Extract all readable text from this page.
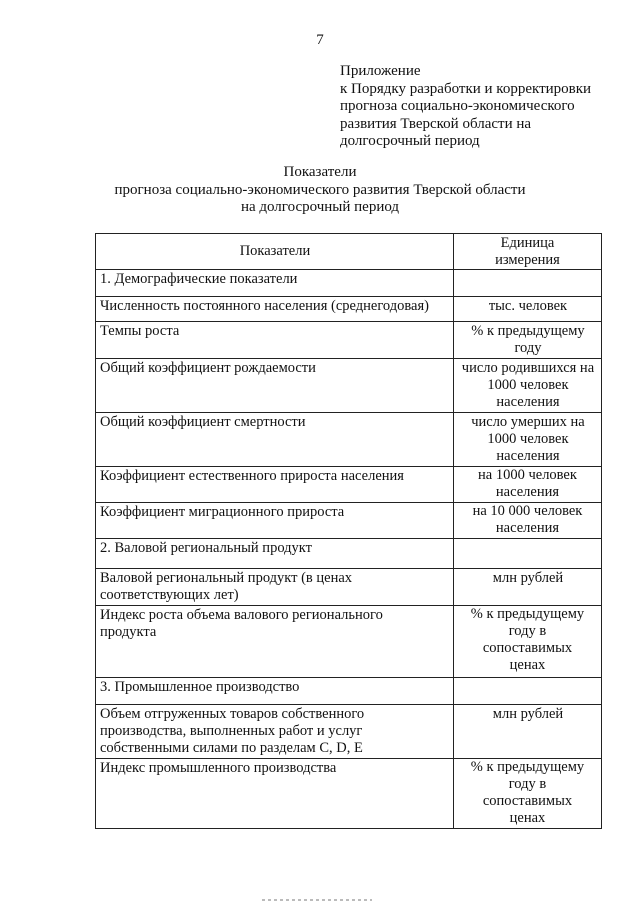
7
Приложение
к Порядку разработки и корректировки
прогноза социально-экономического
развития Тверской области на
долгосрочный период
Показатели
прогноза социально-экономического развития Тверской области
на долгосрочный период
Показатели	Единица измерения
1. Демографические показатели	
Численность постоянного населения (среднегодовая)	тыс. человек
Темпы роста	% к предыдущему году
Общий коэффициент рождаемости	число родившихся на 1000 человек населения
Общий коэффициент смертности	число умерших на 1000 человек населения
Коэффициент естественного прироста населения	на 1000 человек населения
Коэффициент миграционного прироста	на 10 000 человек населения
2. Валовой региональный продукт	
Валовой региональный продукт (в ценах соответствующих лет)	млн рублей
Индекс роста объема валового регионального продукта	% к предыдущему году в сопоставимых ценах
3. Промышленное производство	
Объем отгруженных товаров собственного производства, выполненных работ и услуг собственными силами по разделам C, D, E	млн рублей
Индекс промышленного производства	% к предыдущему году в сопоставимых ценах
